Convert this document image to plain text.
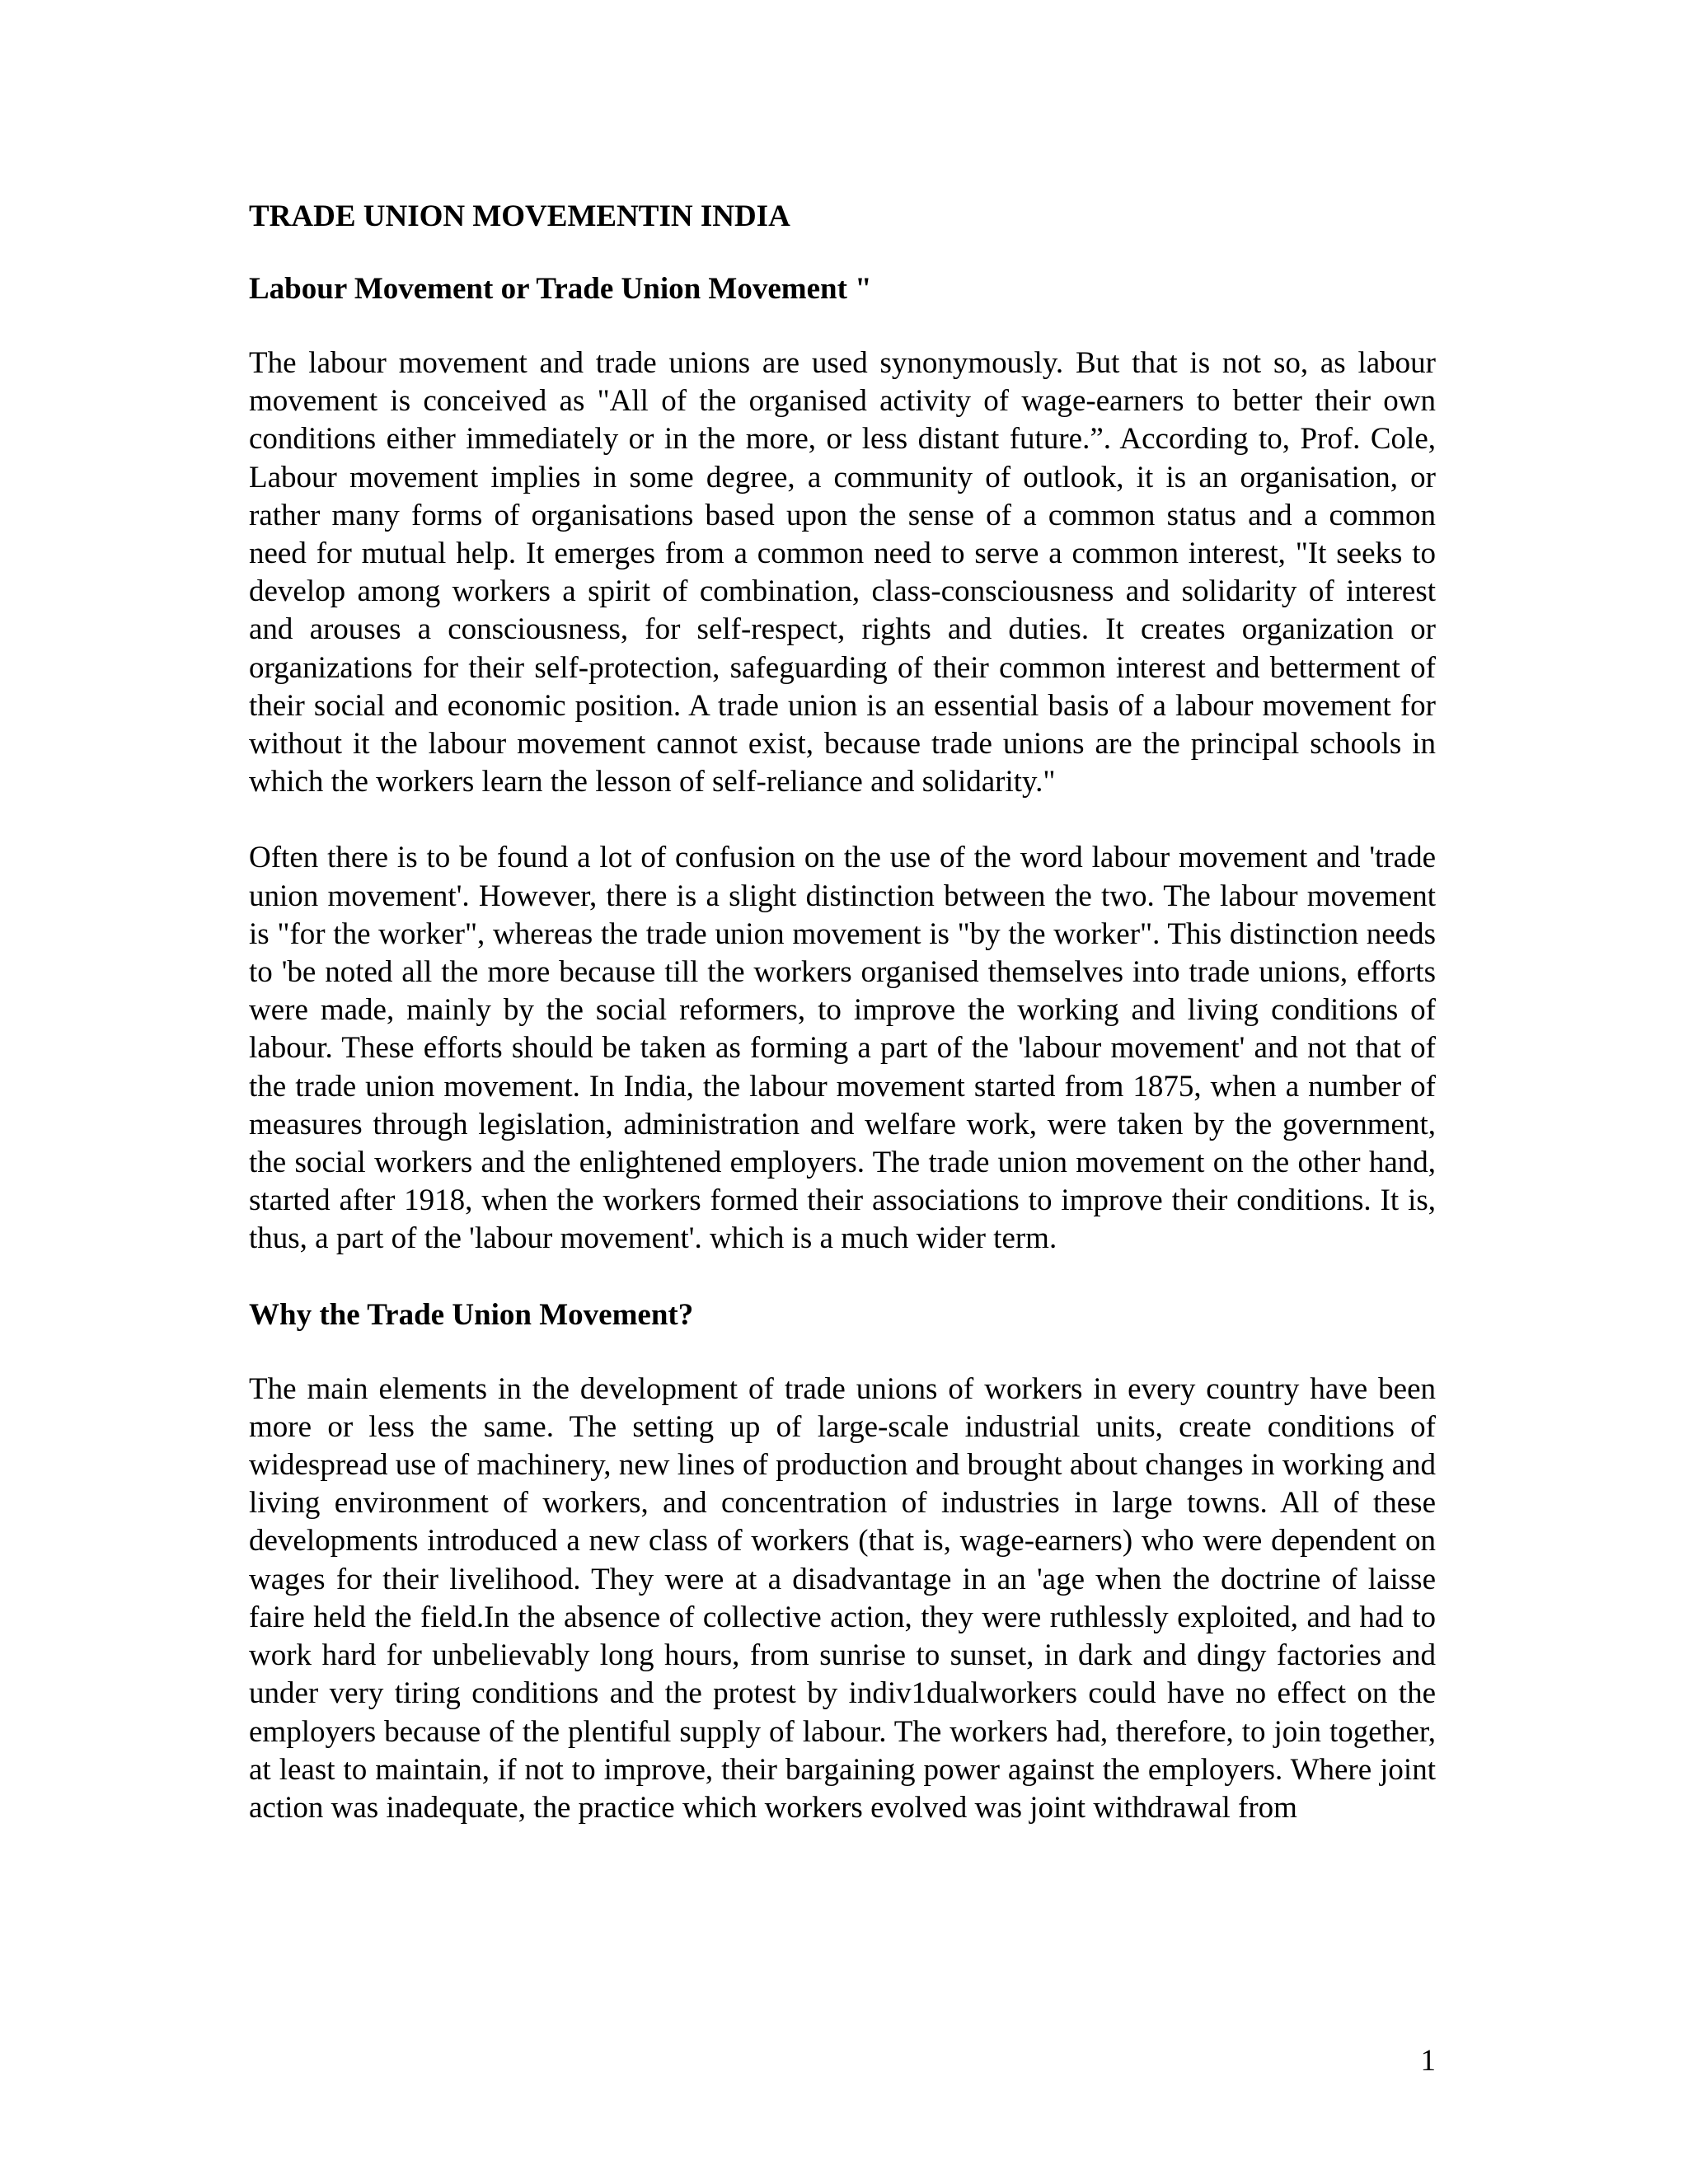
TRADE UNION MOVEMENTIN INDIA
Labour Movement or Trade Union Movement "

The labour movement and trade unions are used synonymously. But that is not so, as labour movement is conceived as "All of the organised activity of wage-earners to better their own conditions either immediately or in the more, or less distant future.”. According to, Prof. Cole, Labour movement implies in some degree, a community of outlook, it is an organisation, or rather many forms of organisations based upon the sense of a common status and a common need for mutual help. It emerges from a common need to serve a common interest, "It seeks to develop among workers a spirit of combination, class-consciousness and solidarity of interest and arouses a consciousness, for self-respect, rights and duties. It creates organization or organizations for their self-protection, safeguarding of their common interest and betterment of their social and economic position. A trade union is an essential basis of a labour movement for without it the labour movement cannot exist, because trade unions are the principal schools in which the workers learn the lesson of self-reliance and solidarity."

Often there is to be found a lot of confusion on the use of the word labour movement and 'trade union movement'. However, there is a slight distinction between the two. The labour movement is "for the worker", whereas the trade union movement is "by the worker". This distinction needs to 'be noted all the more because till the workers organised themselves into trade unions, efforts were made, mainly by the social reformers, to improve the working and living conditions of labour. These efforts should be taken as forming a part of the 'labour movement' and not that of the trade union movement. In India, the labour movement started from 1875, when a number of measures through legislation, administration and welfare work, were taken by the government, the social workers and the enlightened employers. The trade union movement on the other hand, started after 1918, when the workers formed their associations to improve their conditions. It is, thus, a part of the 'labour movement'. which is a much wider term.

Why the Trade Union Movement?

The main elements in the development of trade unions of workers in every country have been more or less the same. The setting up of large-scale industrial units, create conditions of widespread use of machinery, new lines of production and brought about changes in working and living environment of workers, and concentration of industries in large towns. All of these developments introduced a new class of workers (that is, wage-earners) who were dependent on wages for their livelihood. They were at a disadvantage in an 'age when the doctrine of laisse faire held the field.In the absence of collective action, they were ruthlessly exploited, and had to work hard for unbelievably long hours, from sunrise to sunset, in dark and dingy factories and under very tiring conditions and the protest by indiv1dualworkers could have no effect on the employers because of the plentiful supply of labour. The workers had, therefore, to join together, at least to maintain, if not to improve, their bargaining power against the employers. Where joint action was inadequate, the practice which workers evolved was joint withdrawal from

1
